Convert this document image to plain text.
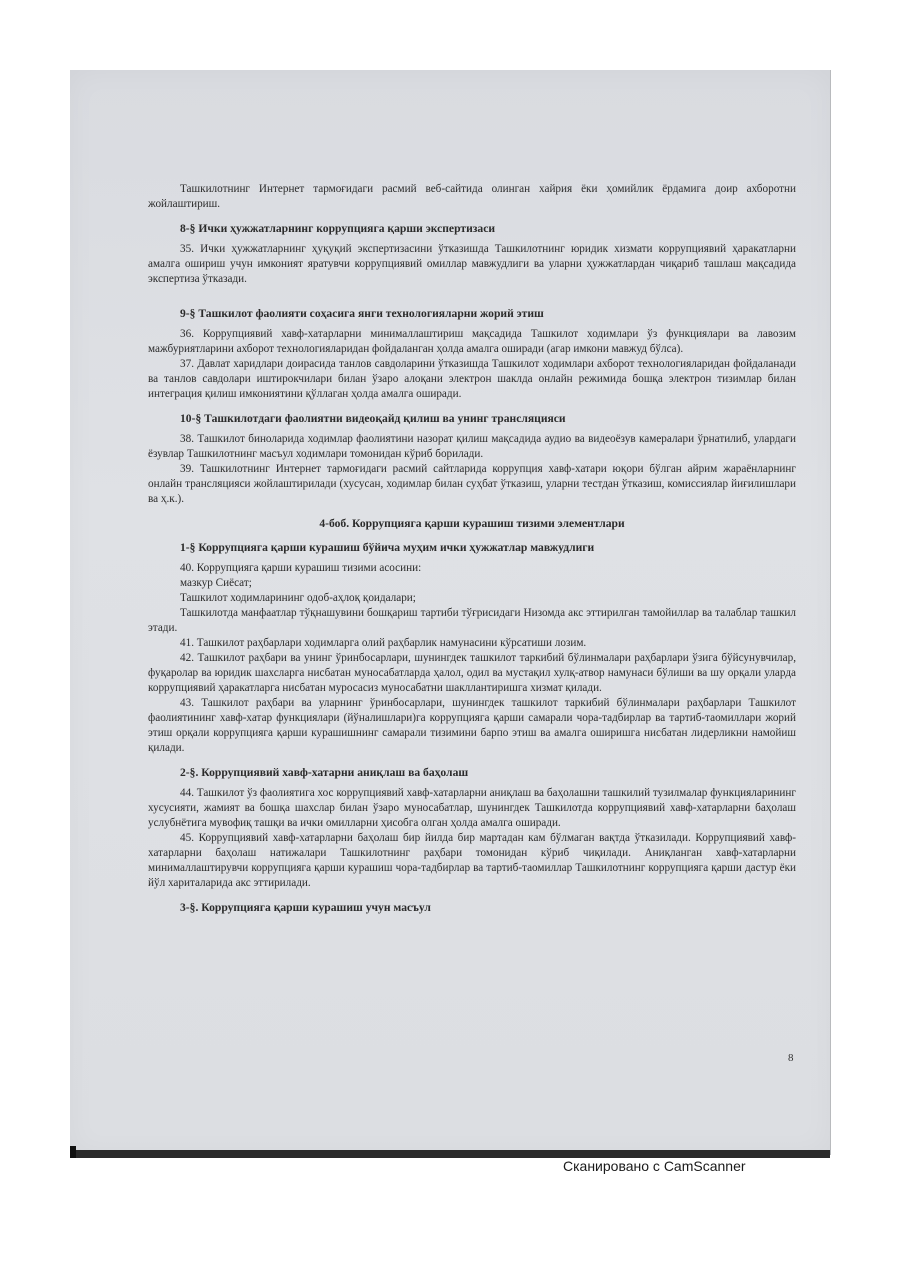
Ташкилотнинг Интернет тармоғидаги расмий веб-сайтида олинган хайрия ёки ҳомийлик ёрдамига доир ахборотни жойлаштириш.

8-§ Ички ҳужжатларнинг коррупцияга қарши экспертизаси

35. Ички ҳужжатларнинг ҳуқуқий экспертизасини ўтказишда Ташкилотнинг юридик хизмати коррупциявий ҳаракатларни амалга ошириш учун имконият яратувчи коррупциявий омиллар мавжудлиги ва уларни ҳужжатлардан чиқариб ташлаш мақсадида экспертиза ўтказади.

9-§ Ташкилот фаолияти соҳасига янги технологияларни жорий этиш

36. Коррупциявий хавф-хатарларни минималлаштириш мақсадида Ташкилот ходимлари ўз функциялари ва лавозим мажбуриятларини ахборот технологияларидан фойдаланган ҳолда амалга оширади (агар имкони мавжуд бўлса).

37. Давлат харидлари доирасида танлов савдоларини ўтказишда Ташкилот ходимлари ахборот технологияларидан фойдаланади ва танлов савдолари иштирокчилари билан ўзаро алоқани электрон шаклда онлайн режимида бошқа электрон тизимлар билан интеграция қилиш имкониятини қўллаган ҳолда амалга оширади.

10-§ Ташкилотдаги фаолиятни видеоқайд қилиш ва унинг трансляцияси

38. Ташкилот биноларида ходимлар фаолиятини назорат қилиш мақсадида аудио ва видеоёзув камералари ўрнатилиб, улардаги ёзувлар Ташкилотнинг масъул ходимлари томонидан кўриб борилади.

39. Ташкилотнинг Интернет тармоғидаги расмий сайтларида коррупция хавф-хатари юқори бўлган айрим жараёнларнинг онлайн трансляцияси жойлаштирилади (хусусан, ходимлар билан суҳбат ўтказиш, уларни тестдан ўтказиш, комиссиялар йиғилишлари ва ҳ.к.).

4-боб. Коррупцияга қарши курашиш тизими элементлари
1-§ Коррупцияга қарши курашиш бўйича муҳим ички ҳужжатлар мавжудлиги

40. Коррупцияга қарши курашиш тизими асосини:

мазкур Сиёсат;

Ташкилот ходимларининг одоб-аҳлоқ қоидалари;

Ташкилотда манфаатлар тўқнашувини бошқариш тартиби тўғрисидаги Низомда акс эттирилган тамойиллар ва талаблар ташкил этади.

41. Ташкилот раҳбарлари ходимларга олий раҳбарлик намунасини кўрсатиши лозим.

42. Ташкилот раҳбари ва унинг ўринбосарлари, шунингдек ташкилот таркибий бўлинмалари раҳбарлари ўзига бўйсунувчилар, фуқаролар ва юридик шахсларга нисбатан муносабатларда ҳалол, одил ва мустақил хулқ-атвор намунаси бўлиши ва шу орқали уларда коррупциявий ҳаракатларга нисбатан муросасиз муносабатни шакллантиришга хизмат қилади.

43. Ташкилот раҳбари ва уларнинг ўринбосарлари, шунингдек ташкилот таркибий бўлинмалари раҳбарлари Ташкилот фаолиятининг хавф-хатар функциялари (йўналишлари)га коррупцияга қарши самарали чора-тадбирлар ва тартиб-таомиллари жорий этиш орқали коррупцияга қарши курашишнинг самарали тизимини барпо этиш ва амалга оширишга нисбатан лидерликни намойиш қилади.

2-§. Коррупциявий хавф-хатарни аниқлаш ва баҳолаш

44. Ташкилот ўз фаолиятига хос коррупциявий хавф-хатарларни аниқлаш ва баҳолашни ташкилий тузилмалар функцияларининг хусусияти, жамият ва бошқа шахслар билан ўзаро муносабатлар, шунингдек Ташкилотда коррупциявий хавф-хатарларни баҳолаш услубнётига мувофиқ ташқи ва ички омилларни ҳисобга олган ҳолда амалга оширади.

45. Коррупциявий хавф-хатарларни баҳолаш бир йилда бир мартадан кам бўлмаган вақтда ўтказилади. Коррупциявий хавф-хатарларни баҳолаш натижалари Ташкилотнинг раҳбари томонидан кўриб чиқилади. Аниқланган хавф-хатарларни минималлаштирувчи коррупцияга қарши курашиш чора-тадбирлар ва тартиб-таомиллар Ташкилотнинг коррупцияга қарши дастур ёки йўл хариталарида акс эттирилади.

3-§. Коррупцияга қарши курашиш учун масъул
8
Сканировано с CamScanner
